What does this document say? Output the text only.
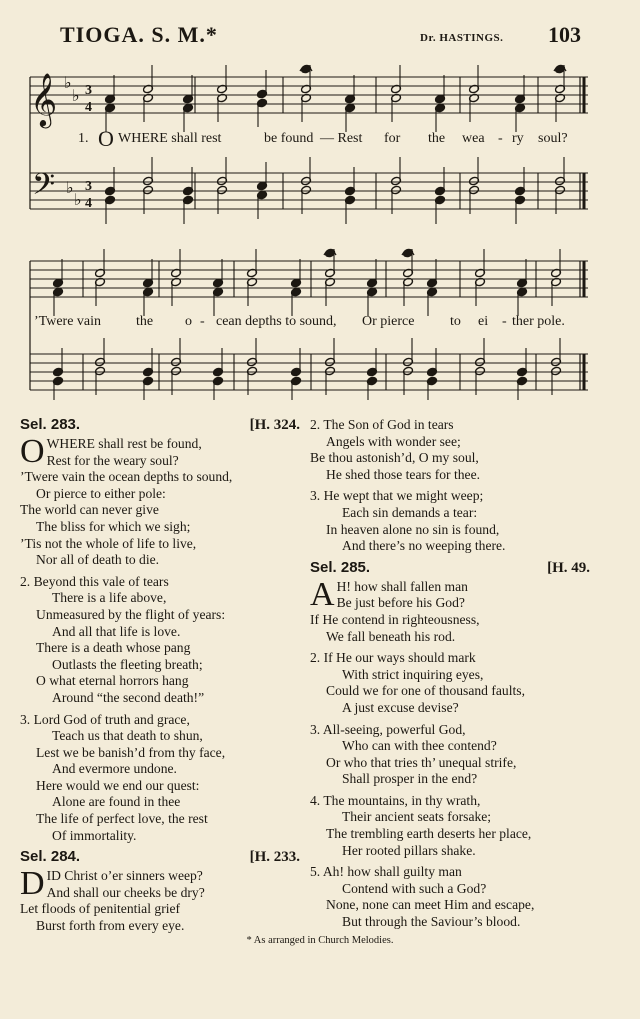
TIOGA. S. M.*	Dr. HASTINGS. 103
𝄞
𝄢
♭
♭
♭
♭
3
4
3
4
1. O WHERE shall rest	be found — Rest for the wea - ry soul?
’Twere vain the o - cean depths to sound, Or pierce	to ei - ther pole.
Sel. 283.	[H. 324.
OWHERE shall rest be found,
Rest for the weary soul?
’Twere vain the ocean depths to sound,
Or pierce to either pole:
The world can never give
The bliss for which we sigh;
’Tis not the whole of life to live,
Nor all of death to die.
2. Beyond this vale of tears
There is a life above,
Unmeasured by the flight of years:
And all that life is love.
There is a death whose pang
Outlasts the fleeting breath;
O what eternal horrors hang
Around “the second death!”
3. Lord God of truth and grace,
Teach us that death to shun,
Lest we be banish’d from thy face,
And evermore undone.
Here would we end our quest:
Alone are found in thee
The life of perfect love, the rest
Of immortality.
Sel. 284.	[H. 233.
DID Christ o’er sinners weep?
And shall our cheeks be dry?
Let floods of penitential grief
Burst forth from every eye.
2. The Son of God in tears
Angels with wonder see;
Be thou astonish’d, O my soul,
He shed those tears for thee.
3. He wept that we might weep;
Each sin demands a tear:
In heaven alone no sin is found,
And there’s no weeping there.
Sel. 285.	[H. 49.
A H! how shall fallen man
Be just before his God?
If He contend in righteousness,
We fall beneath his rod.
2. If He our ways should mark
With strict inquiring eyes,
Could we for one of thousand faults,
A just excuse devise?
3. All-seeing, powerful God,
Who can with thee contend?
Or who that tries th’ unequal strife,
Shall prosper in the end?
4. The mountains, in thy wrath,
Their ancient seats forsake;
The trembling earth deserts her place,
Her rooted pillars shake.
5. Ah! how shall guilty man
Contend with such a God?
None, none can meet Him and escape,
But through the Saviour’s blood.
* As arranged in Church Melodies.
